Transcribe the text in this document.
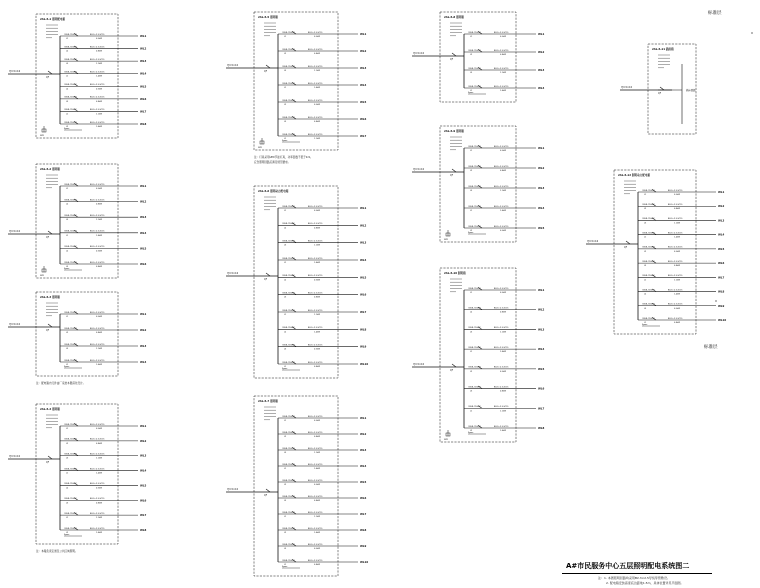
2AL-5-1 照明配电箱
YJV-5×16
QF
C65N-C16/1P	BV-3×2.5-SC15
L1	0.5kW
WL1
C65N-C16/1P	BV-3×2.5-SC15
L2	0.8kW
WL2
C65N-C16/1P	BV-3×2.5-SC15
L3	1.1kW
WL3
C65N-C16/1P	BV-3×2.5-SC15
L1	1.4kW
WL4
C65N-C16/1P	BV-3×2.5-SC15
L2	0.5kW
WL5
C65N-C16/1P	BV-3×2.5-SC15
L3	0.8kW
WL6
C65N-C16/1P	BV-3×2.5-SC15
L1	1.1kW
WL7
C65N-C16/1P	BV-3×2.5-SC15
L2	1.4kW
WL8
Spare
SPD
2AL-5-2 照明箱
YJV-5×10
QF
C65N-C16/1P	BV-3×2.5-SC15
L1	0.5kW
WL1
C65N-C16/1P	BV-3×2.5-SC15
L2	0.8kW
WL2
C65N-C16/1P	BV-3×2.5-SC15
L3	1.1kW
WL3
C65N-C16/1P	BV-3×2.5-SC15
L1	1.4kW
WL4
C65N-C16/1P	BV-3×2.5-SC15
L2	0.5kW
WL5
C65N-C16/1P	BV-3×2.5-SC15
L3	0.8kW
WL6
Spare
SPD
2AL-5-3 照明箱
YJV-5×10
QF
C65N-C16/1P	BV-3×2.5-SC15
L1	0.5kW
WL1
C65N-C16/1P	BV-3×2.5-SC15
L2	0.8kW
WL2
C65N-C16/1P	BV-3×2.5-SC15
L3	1.1kW
WL3
C65N-C16/1P	BV-3×2.5-SC15
L1	1.4kW
WL4
Spare
注：配电箱内元件由厂家按本图深化设计。
2AL-5-4 照明箱
YJV-5×10
QF
C65N-C16/1P	BV-3×2.5-SC15
L1	0.5kW
WL1
C65N-C16/1P	BV-3×2.5-SC15
L2	0.8kW
WL2
C65N-C16/1P	BV-3×2.5-SC15
L3	1.1kW
WL3
C65N-C16/1P	BV-3×2.5-SC15
L1	1.4kW
WL4
C65N-C16/1P	BV-3×2.5-SC15
L2	0.5kW
WL5
C65N-C16/1P	BV-3×2.5-SC15
L3	0.8kW
WL6
C65N-C16/1P	BV-3×2.5-SC15
L1	1.1kW
WL7
C65N-C16/1P	BV-3×2.5-SC15
L2	1.4kW
WL8
Spare
注：本箱负责走道及公共区域照明。
2AL-5-5 照明箱
YJV-5×10
QF
C65N-C16/1P	BV-3×2.5-SC15
L1	0.5kW
WL1
C65N-C16/1P	BV-3×2.5-SC15
L2	0.8kW
WL2
C65N-C16/1P	BV-3×2.5-SC15
L3	1.1kW
WL3
C65N-C16/1P	BV-3×2.5-SC15
L1	1.4kW
WL4
C65N-C16/1P	BV-3×2.5-SC15
L2	0.5kW
WL5
C65N-C16/1P	BV-3×2.5-SC15
L3	0.8kW
WL6
C65N-C16/1P	BV-3×2.5-SC15
L1	1.1kW
WL7
Spare
SPD
注：灯具采用LED节能灯具，功率因数不低于0.9。
应急照明回路应满足规范要求。
2AL-5-6 照明动力配电箱
YJV-5×16
QF
C65N-C16/1P	BV-3×2.5-SC15
L1	0.5kW
WL1
C65N-C16/1P	BV-3×2.5-SC15
L2	0.8kW
WL2
C65N-C16/1P	BV-3×2.5-SC15
L3	1.1kW
WL3
C65N-C16/1P	BV-3×2.5-SC15
L1	1.4kW
WL4
C65N-C16/1P	BV-3×2.5-SC15
L2	0.5kW
WL5
C65N-C16/1P	BV-3×2.5-SC15
L3	0.8kW
WL6
C65N-C16/1P	BV-3×2.5-SC15
L1	1.1kW
WL7
C65N-C16/1P	BV-3×2.5-SC15
L2	1.4kW
WL8
C65N-C16/1P	BV-3×2.5-SC15
L3	0.5kW
WL9
C65N-C16/1P	BV-3×2.5-SC15
L1	0.8kW
WL10
Spare
2AL-5-7 照明箱
YJV-5×10
QF
C65N-C16/1P	BV-3×2.5-SC15
L1	0.5kW
WL1
C65N-C16/1P	BV-3×2.5-SC15
L2	0.8kW
WL2
C65N-C16/1P	BV-3×2.5-SC15
L3	1.1kW
WL3
C65N-C16/1P	BV-3×2.5-SC15
L1	1.4kW
WL4
C65N-C16/1P	BV-3×2.5-SC15
L2	0.5kW
WL5
C65N-C16/1P	BV-3×2.5-SC15
L3	0.8kW
WL6
C65N-C16/1P	BV-3×2.5-SC15
L1	1.1kW
WL7
C65N-C16/1P	BV-3×2.5-SC15
L2	1.4kW
WL8
C65N-C16/1P	BV-3×2.5-SC15
L3	0.5kW
WL9
C65N-C16/1P	BV-3×2.5-SC15
L1	0.8kW
WL10
Spare
2AL-5-8 照明箱
YJV-5×10
QF
C65N-C16/1P	BV-3×2.5-SC15
L1	0.5kW
WL1
C65N-C16/1P	BV-3×2.5-SC15
L2	0.8kW
WL2
C65N-C16/1P	BV-3×2.5-SC15
L3	1.1kW
WL3
C65N-C16/1P	BV-3×2.5-SC15
L1	1.4kW
WL4
Spare
2AL-5-9 照明箱
YJV-5×10
QF
C65N-C16/1P	BV-3×2.5-SC15
L1	0.5kW
WL1
C65N-C16/1P	BV-3×2.5-SC15
L2	0.8kW
WL2
C65N-C16/1P	BV-3×2.5-SC15
L3	1.1kW
WL3
C65N-C16/1P	BV-3×2.5-SC15
L1	1.4kW
WL4
C65N-C16/1P	BV-3×2.5-SC15
L2	0.5kW
WL5
Spare
SPD
2AL-5-10 照明箱
YJV-5×10
QF
C65N-C16/1P	BV-3×2.5-SC15
L1	0.5kW
WL1
C65N-C16/1P	BV-3×2.5-SC15
L2	0.8kW
WL2
C65N-C16/1P	BV-3×2.5-SC15
L3	1.1kW
WL3
C65N-C16/1P	BV-3×2.5-SC15
L1	1.4kW
WL4
C65N-C16/1P	BV-3×2.5-SC15
L2	0.5kW
WL5
C65N-C16/1P	BV-3×2.5-SC15
L3	0.8kW
WL6
C65N-C16/1P	BV-3×2.5-SC15
L1	1.1kW
WL7
C65N-C16/1P	BV-3×2.5-SC15
L2	1.4kW
WL8
Spare
SPD
2AL-5-11 插座箱
YJV-5×10
QF
插座回路
2AL-5-12 照明动力配电箱
YJV-5×16
QF
C65N-C16/1P	BV-3×2.5-SC15
L1	0.5kW
WL1
C65N-C16/1P	BV-3×2.5-SC15
L2	0.8kW
WL2
C65N-C16/1P	BV-3×2.5-SC15
L3	1.1kW
WL3
C65N-C16/1P	BV-3×2.5-SC15
L1	1.4kW
WL4
C65N-C16/1P	BV-3×2.5-SC15
L2	0.5kW
WL5
C65N-C16/1P	BV-3×2.5-SC15
L3	0.8kW
WL6
C65N-C16/1P	BV-3×2.5-SC15
L1	1.1kW
WL7
C65N-C16/1P	BV-3×2.5-SC15
L2	1.4kW
WL8
C65N-C16/1P	BV-3×2.5-SC15
L3	0.5kW
WL9
C65N-C16/1P	BV-3×2.5-SC15
L1	0.8kW
WL10
Spare
标准层
标准层
A#市民服务中心五层照明配电系统图二
注：1. 本图照明回路均采用BV-3×2.5导线穿管敷设。
2. 配电箱安装高度底边距地1.5m，具体位置详见平面图。
